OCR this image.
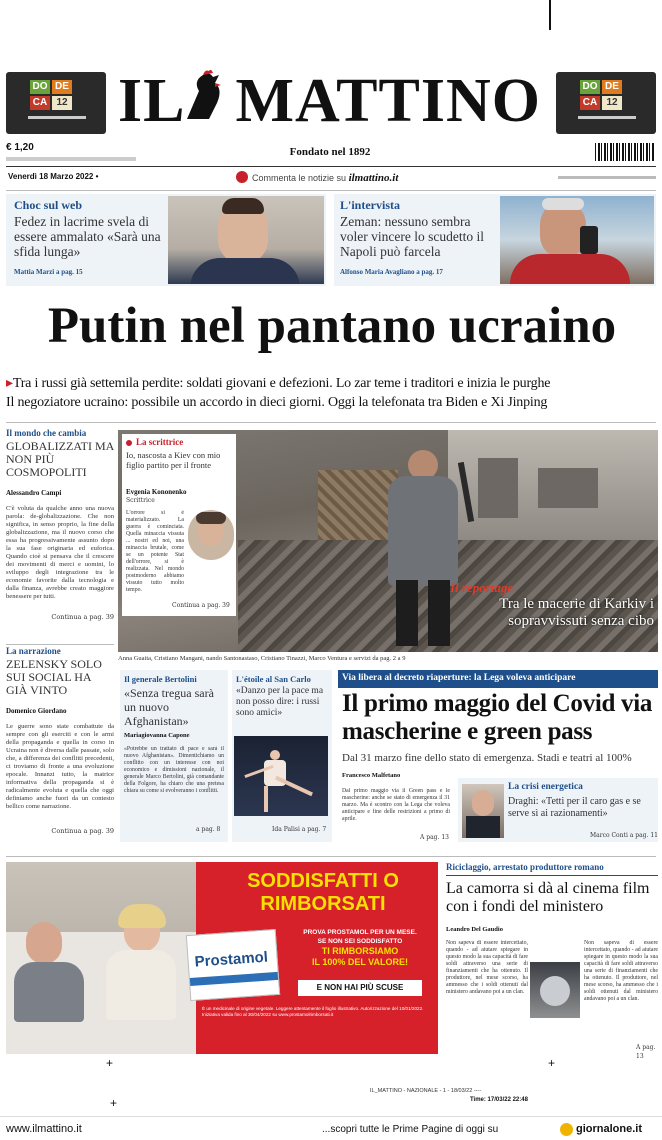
DO DE
CA 12
DO DE
CA 12
IL MATTINO
€ 1,20	Fondato nel 1892
Venerdì 18 Marzo 2022 •	Commenta le notizie su ilmattino.it
Choc sul web
Fedez in lacrime svela di essere ammalato «Sarà una sfida lunga»
Mattia Marzi a pag. 15
L'intervista
Zeman: nessuno sembra voler vincere lo scudetto il Napoli può farcela
Alfonso Maria Avagliano a pag. 17
Putin nel pantano ucraino
▸Tra i russi già settemila perdite: soldati giovani e defezioni. Lo zar teme i traditori e inizia le purghe
Il negoziatore ucraino: possibile un accordo in dieci giorni. Oggi la telefonata tra Biden e Xi Jinping
Il mondo che cambia
GLOBALIZZATI MA NON PIÙ COSMOPOLITI
Alessandro Campi
C'è voluta da qualche anno una nuova parola: de-globalizzazione. Che non significa, in senso proprio, la fine della globalizzazione, ma il nuovo corso che essa ha progressivamente assunto dopo la sua fase originaria ed euforica. Quando cioè si pensava che il crescere dei movimenti di merci e uomini, lo sviluppo degli integrazione tra le economie favorite dalla tecnologia e dalla finanza, avrebbe creato maggiore benessere per tutti.
Continua a pag. 39
La narrazione
ZELENSKY SOLO SUI SOCIAL HA GIÀ VINTO
Domenico Giordano
Le guerre sono state combattute da sempre con gli eserciti e con le armi della propaganda e quella in corso in Ucraina non è diversa dalle passate, solo che, a differenza dei conflitti precedenti, ci troviamo di fronte a una evoluzione epocale. Innanzi tutto, la matrice informativa della propaganda si è radicalmente evoluta e quella che oggi definiamo anche fuori da un contesto bellico come narrazione.
Continua a pag. 39
La scrittrice
Io, nascosta a Kiev con mio figlio partito per il fronte
Evgenia Kononenko
Scrittrice
L'orrore si è materializzato. La guerra è cominciata. Quella minaccia vissuta ... nostri ed noi, una minaccia brutale, come se un potente Stat dell'orrore, si è realizzata. Nel mondo postmoderno abbiamo vissuto tutto molto tempo.
Continua a pag. 39
Il reportage
Tra le macerie di Karkiv i sopravvissuti senza cibo
Anna Guaita, Cristiano Mangani, nando Santonastaso, Cristiano Tinazzi, Marco Ventura e servizi da pag. 2 a 9
Il generale Bertolini
«Senza tregua sarà un nuovo Afghanistan»
Mariagiovanna Capone
«Potrebbe un trattato di pace e sarà il nuovo Afghanistan». Dimentichiamo un conflitto con un interesse con noi economico e dimissioni nazionale, il generale Marco Bertolini, già comandante della Folgore, ha chiaro che una pretesa chiara su come si evolveranno i conflitti.
a pag. 8
L'étoile al San Carlo
«Danzo per la pace ma non posso dire: i russi sono amici»
Ida Palisi a pag. 7
Via libera al decreto riaperture: la Lega voleva anticipare
Il primo maggio del Covid via mascherine e green pass
Dal 31 marzo fine dello stato di emergenza. Stadi e teatri al 100%
Francesco Malfetano
Dal primo maggio via il Green pass e le mascherine: anche se stato di emergenza il 31 marzo. Ma è scontro con la Lega che voleva anticipare e fine delle restrizioni a primo di aprile.
A pag. 13
La crisi energetica
Draghi: «Tetti per il caro gas e se serve sì ai razionamenti»
Marco Conti a pag. 11
SODDISFATTI O RIMBORSATI
Prostamol
PROVA PROSTAMOL PER UN MESE.
SE NON SEI SODDISFATTO
TI RIMBORSIAMO
IL 100% DEL VALORE!
E NON HAI PIÙ SCUSE
È un medicinale di origine vegetale. Leggere attentamente il foglio illustrativo. Autorizzazione del 10/01/2022. Iniziativa valida fino al 30/04/2022 su www.prostamolrimborsati.it
Riciclaggio, arrestato produttore romano
La camorra si dà al cinema film con i fondi del ministero
Leandro Del Gaudio
Non sapeva di essere intercettato, quando - ad aiutare spiegare in questo modo la sua capacità di fare soldi attraverso una serie di finanziamenti che ha ottenuto. Il produttore, nel mese scorso, ha ammesso che i soldi ottenuti dal ministero andavano poi a un clan.
Non sapeva di essere intercettato, quando - ad aiutare spiegare in questo modo la sua capacità di fare soldi attraverso una serie di finanziamenti che ha ottenuto. Il produttore, nel mese scorso, ha ammesso che i soldi ottenuti dal ministero andavano poi a un clan.
A pag. 13
+	+
+
IL_MATTINO - NAZIONALE - 1 - 18/03/22 ----
Time: 17/03/22 22:48
www.ilmattino.it	...scopri tutte le Prime Pagine di oggi su	giornalone.it
